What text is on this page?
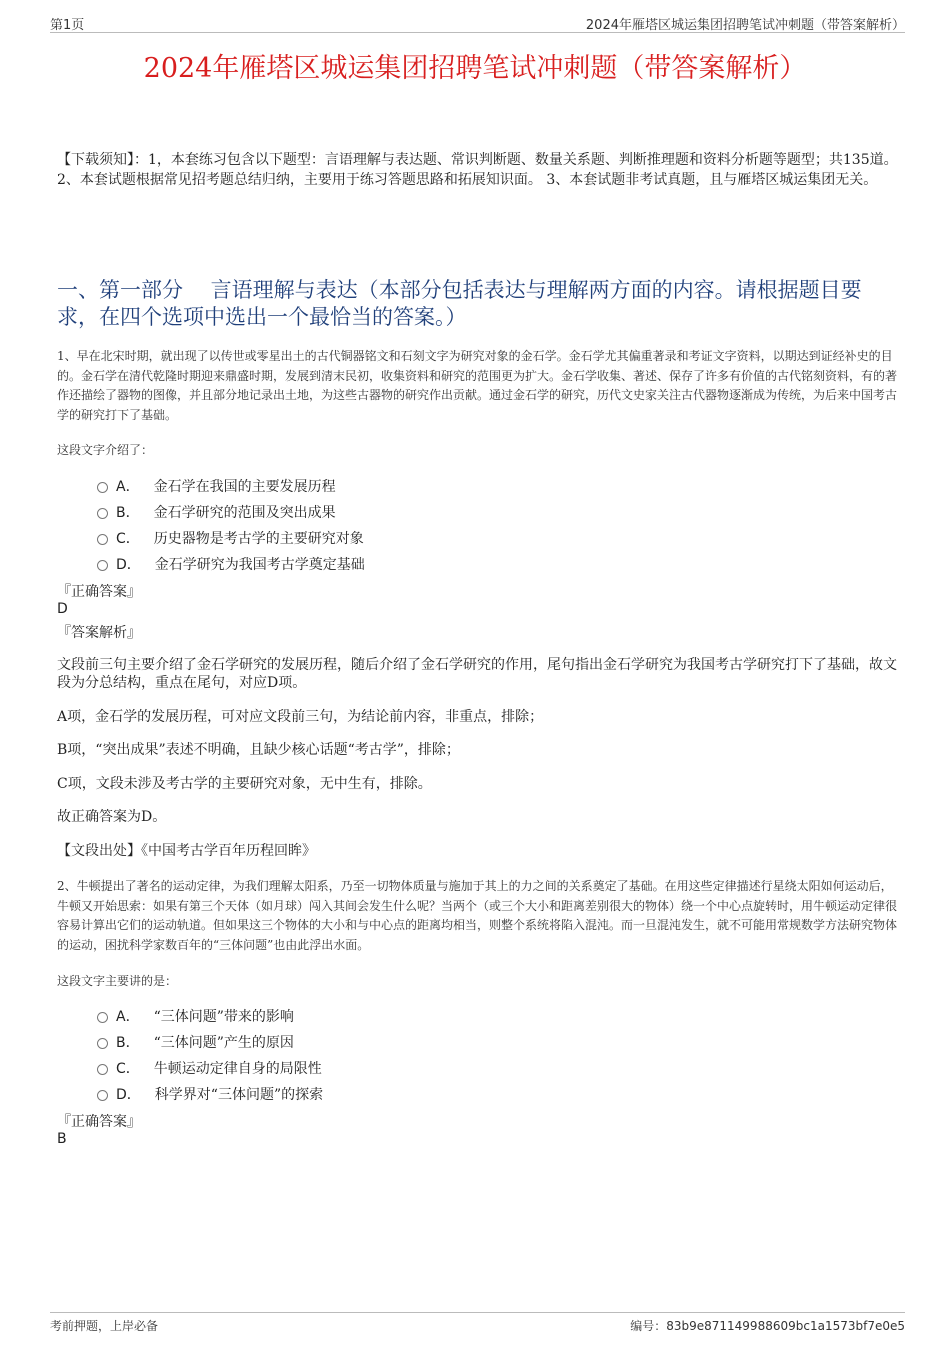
第1页	2024年雁塔区城运集团招聘笔试冲刺题（带答案解析）
2024年雁塔区城运集团招聘笔试冲刺题（带答案解析）
【下载须知】：1，本套练习包含以下题型：言语理解与表达题、常识判断题、数量关系题、判断推理题和资料分析题等题型；共135道。 2、本套试题根据常见招考题总结归纳，主要用于练习答题思路和拓展知识面。 3、本套试题非考试真题，且与雁塔区城运集团无关。
一、第一部分　 言语理解与表达（本部分包括表达与理解两方面的内容。请根据题目要求，在四个选项中选出一个最恰当的答案。）
1、早在北宋时期，就出现了以传世或零星出土的古代铜器铭文和石刻文字为研究对象的金石学。金石学尤其偏重著录和考证文字资料，以期达到证经补史的目的。金石学在清代乾隆时期迎来鼎盛时期，发展到清末民初，收集资料和研究的范围更为扩大。金石学收集、著述、保存了许多有价值的古代铭刻资料，有的著作还描绘了器物的图像，并且部分地记录出土地，为这些古器物的研究作出贡献。通过金石学的研究，历代文史家关注古代器物逐渐成为传统，为后来中国考古学的研究打下了基础。
这段文字介绍了：
A． 金石学在我国的主要发展历程
B． 金石学研究的范围及突出成果
C． 历史器物是考古学的主要研究对象
D． 金石学研究为我国考古学奠定基础
『正确答案』
D
『答案解析』
文段前三句主要介绍了金石学研究的发展历程，随后介绍了金石学研究的作用，尾句指出金石学研究为我国考古学研究打下了基础，故文段为分总结构，重点在尾句，对应D项。
A项，金石学的发展历程，可对应文段前三句，为结论前内容，非重点，排除；
B项，“突出成果”表述不明确，且缺少核心话题“考古学”，排除；
C项，文段未涉及考古学的主要研究对象，无中生有，排除。
故正确答案为D。
【文段出处】《中国考古学百年历程回眸》
2、牛顿提出了著名的运动定律，为我们理解太阳系，乃至一切物体质量与施加于其上的力之间的关系奠定了基础。在用这些定律描述行星绕太阳如何运动后，牛顿又开始思索：如果有第三个天体（如月球）闯入其间会发生什么呢？当两个（或三个大小和距离差别很大的物体）绕一个中心点旋转时，用牛顿运动定律很容易计算出它们的运动轨道。但如果这三个物体的大小和与中心点的距离均相当，则整个系统将陷入混沌。而一旦混沌发生，就不可能用常规数学方法研究物体的运动，困扰科学家数百年的“三体问题”也由此浮出水面。
这段文字主要讲的是：
A． “三体问题”带来的影响
B． “三体问题”产生的原因
C． 牛顿运动定律自身的局限性
D． 科学界对“三体问题”的探索
『正确答案』
B
考前押题，上岸必备	编号：83b9e871149988609bc1a1573bf7e0e5
